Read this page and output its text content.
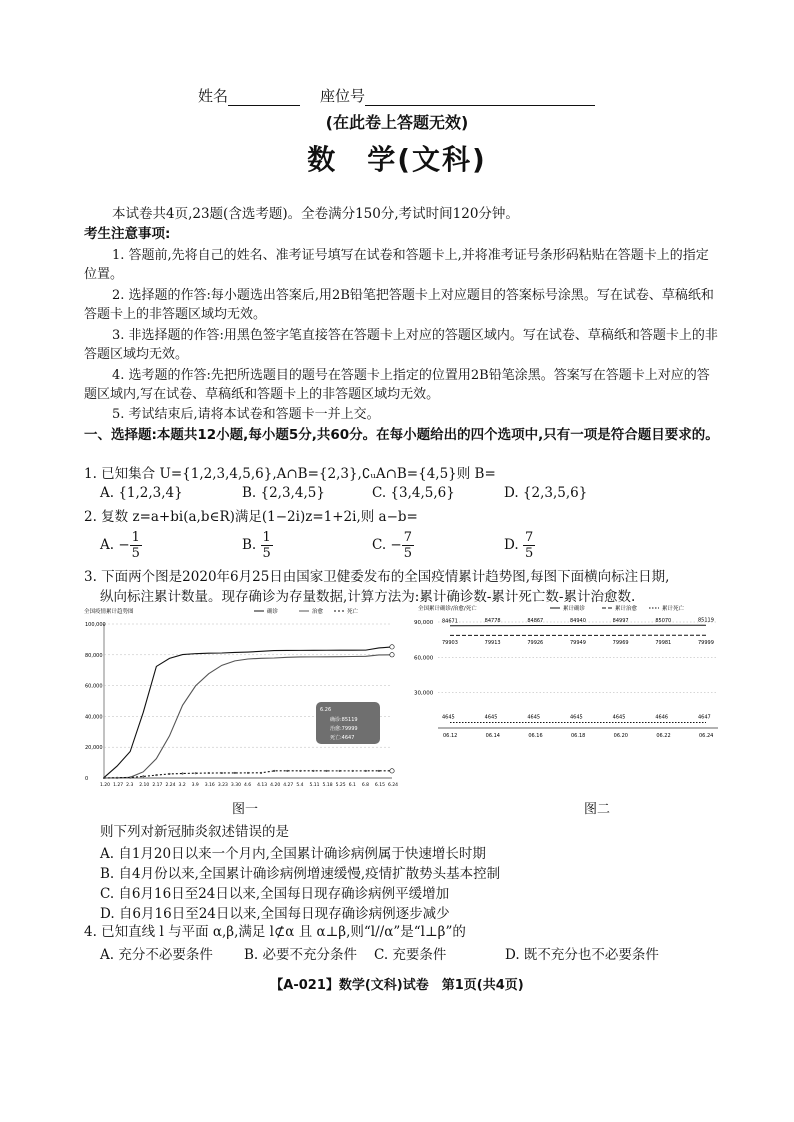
姓名	座位号
(在此卷上答题无效)
数　学(文科)
本试卷共4页,23题(含选考题)。全卷满分150分,考试时间120分钟。
考生注意事项:
1. 答题前,先将自己的姓名、准考证号填写在试卷和答题卡上,并将准考证号条形码粘贴在答题卡上的指定位置。
2. 选择题的作答:每小题选出答案后,用2B铅笔把答题卡上对应题目的答案标号涂黑。写在试卷、草稿纸和答题卡上的非答题区域均无效。
3. 非选择题的作答:用黑色签字笔直接答在答题卡上对应的答题区域内。写在试卷、草稿纸和答题卡上的非答题区域均无效。
4. 选考题的作答:先把所选题目的题号在答题卡上指定的位置用2B铅笔涂黑。答案写在答题卡上对应的答题区域内,写在试卷、草稿纸和答题卡上的非答题区域均无效。
5. 考试结束后,请将本试卷和答题卡一并上交。
一、选择题:本题共12小题,每小题5分,共60分。在每小题给出的四个选项中,只有一项是符合题目要求的。
1. 已知集合 U={1,2,3,4,5,6},A∩B={2,3},∁ᵤA∩B={4,5}则 B=
A. {1,2,3,4}	B. {2,3,4,5}	C. {3,4,5,6}	D. {2,3,5,6}
2. 复数 z=a+bi(a,b∈R)满足(1−2i)z=1+2i,则 a−b=
A. − $\frac{1}{5}$	B. $\frac{1}{5}$	C. − $\frac{7}{5}$	D. $\frac{7}{5}$
3. 下面两个图是2020年6月25日由国家卫健委发布的全国疫情累计趋势图,每图下面横向标注日期,
纵向标注累计数量。现存确诊为存量数据,计算方法为:累计确诊数-累计死亡数-累计治愈数.
全国疫情累计趋势图	确诊	治愈	死亡
0
20,000
40,000
60,000
80,000
100,000
1.20 1.27 2.3 2.10 2.17 2.24 3.2 3.9 3.16 3.23 3.30 4.6 4.13 4.20 4.27 5.4 5.11 5.18 5.25 6.1 6.8 6.15 6.24
6.26
确诊:85119
治愈:79999
死亡:4647
图一
全国累计确诊/治愈/死亡	累计确诊	累计治愈	累计死亡
90,000
60,000
30,000
06.12	06.14	06.16	06.18	06.20	06.22	06.24
84671	84778	84867	84940	84997	85070	85119
79903	79913	79926	79949	79969	79981	79999
4645	4645	4645	4645	4645	4646	4647
图二
则下列对新冠肺炎叙述错误的是
A. 自1月20日以来一个月内,全国累计确诊病例属于快速增长时期
B. 自4月份以来,全国累计确诊病例增速缓慢,疫情扩散势头基本控制
C. 自6月16日至24日以来,全国每日现存确诊病例平缓增加
D. 自6月16日至24日以来,全国每日现存确诊病例逐步减少
4. 已知直线 l 与平面 α,β,满足 l⊄α 且 α⊥β,则“l//α”是“l⊥β”的
A. 充分不必要条件 B. 必要不充分条件 C. 充要条件	D. 既不充分也不必要条件
【A-021】数学(文科)试卷　第1页(共4页)
